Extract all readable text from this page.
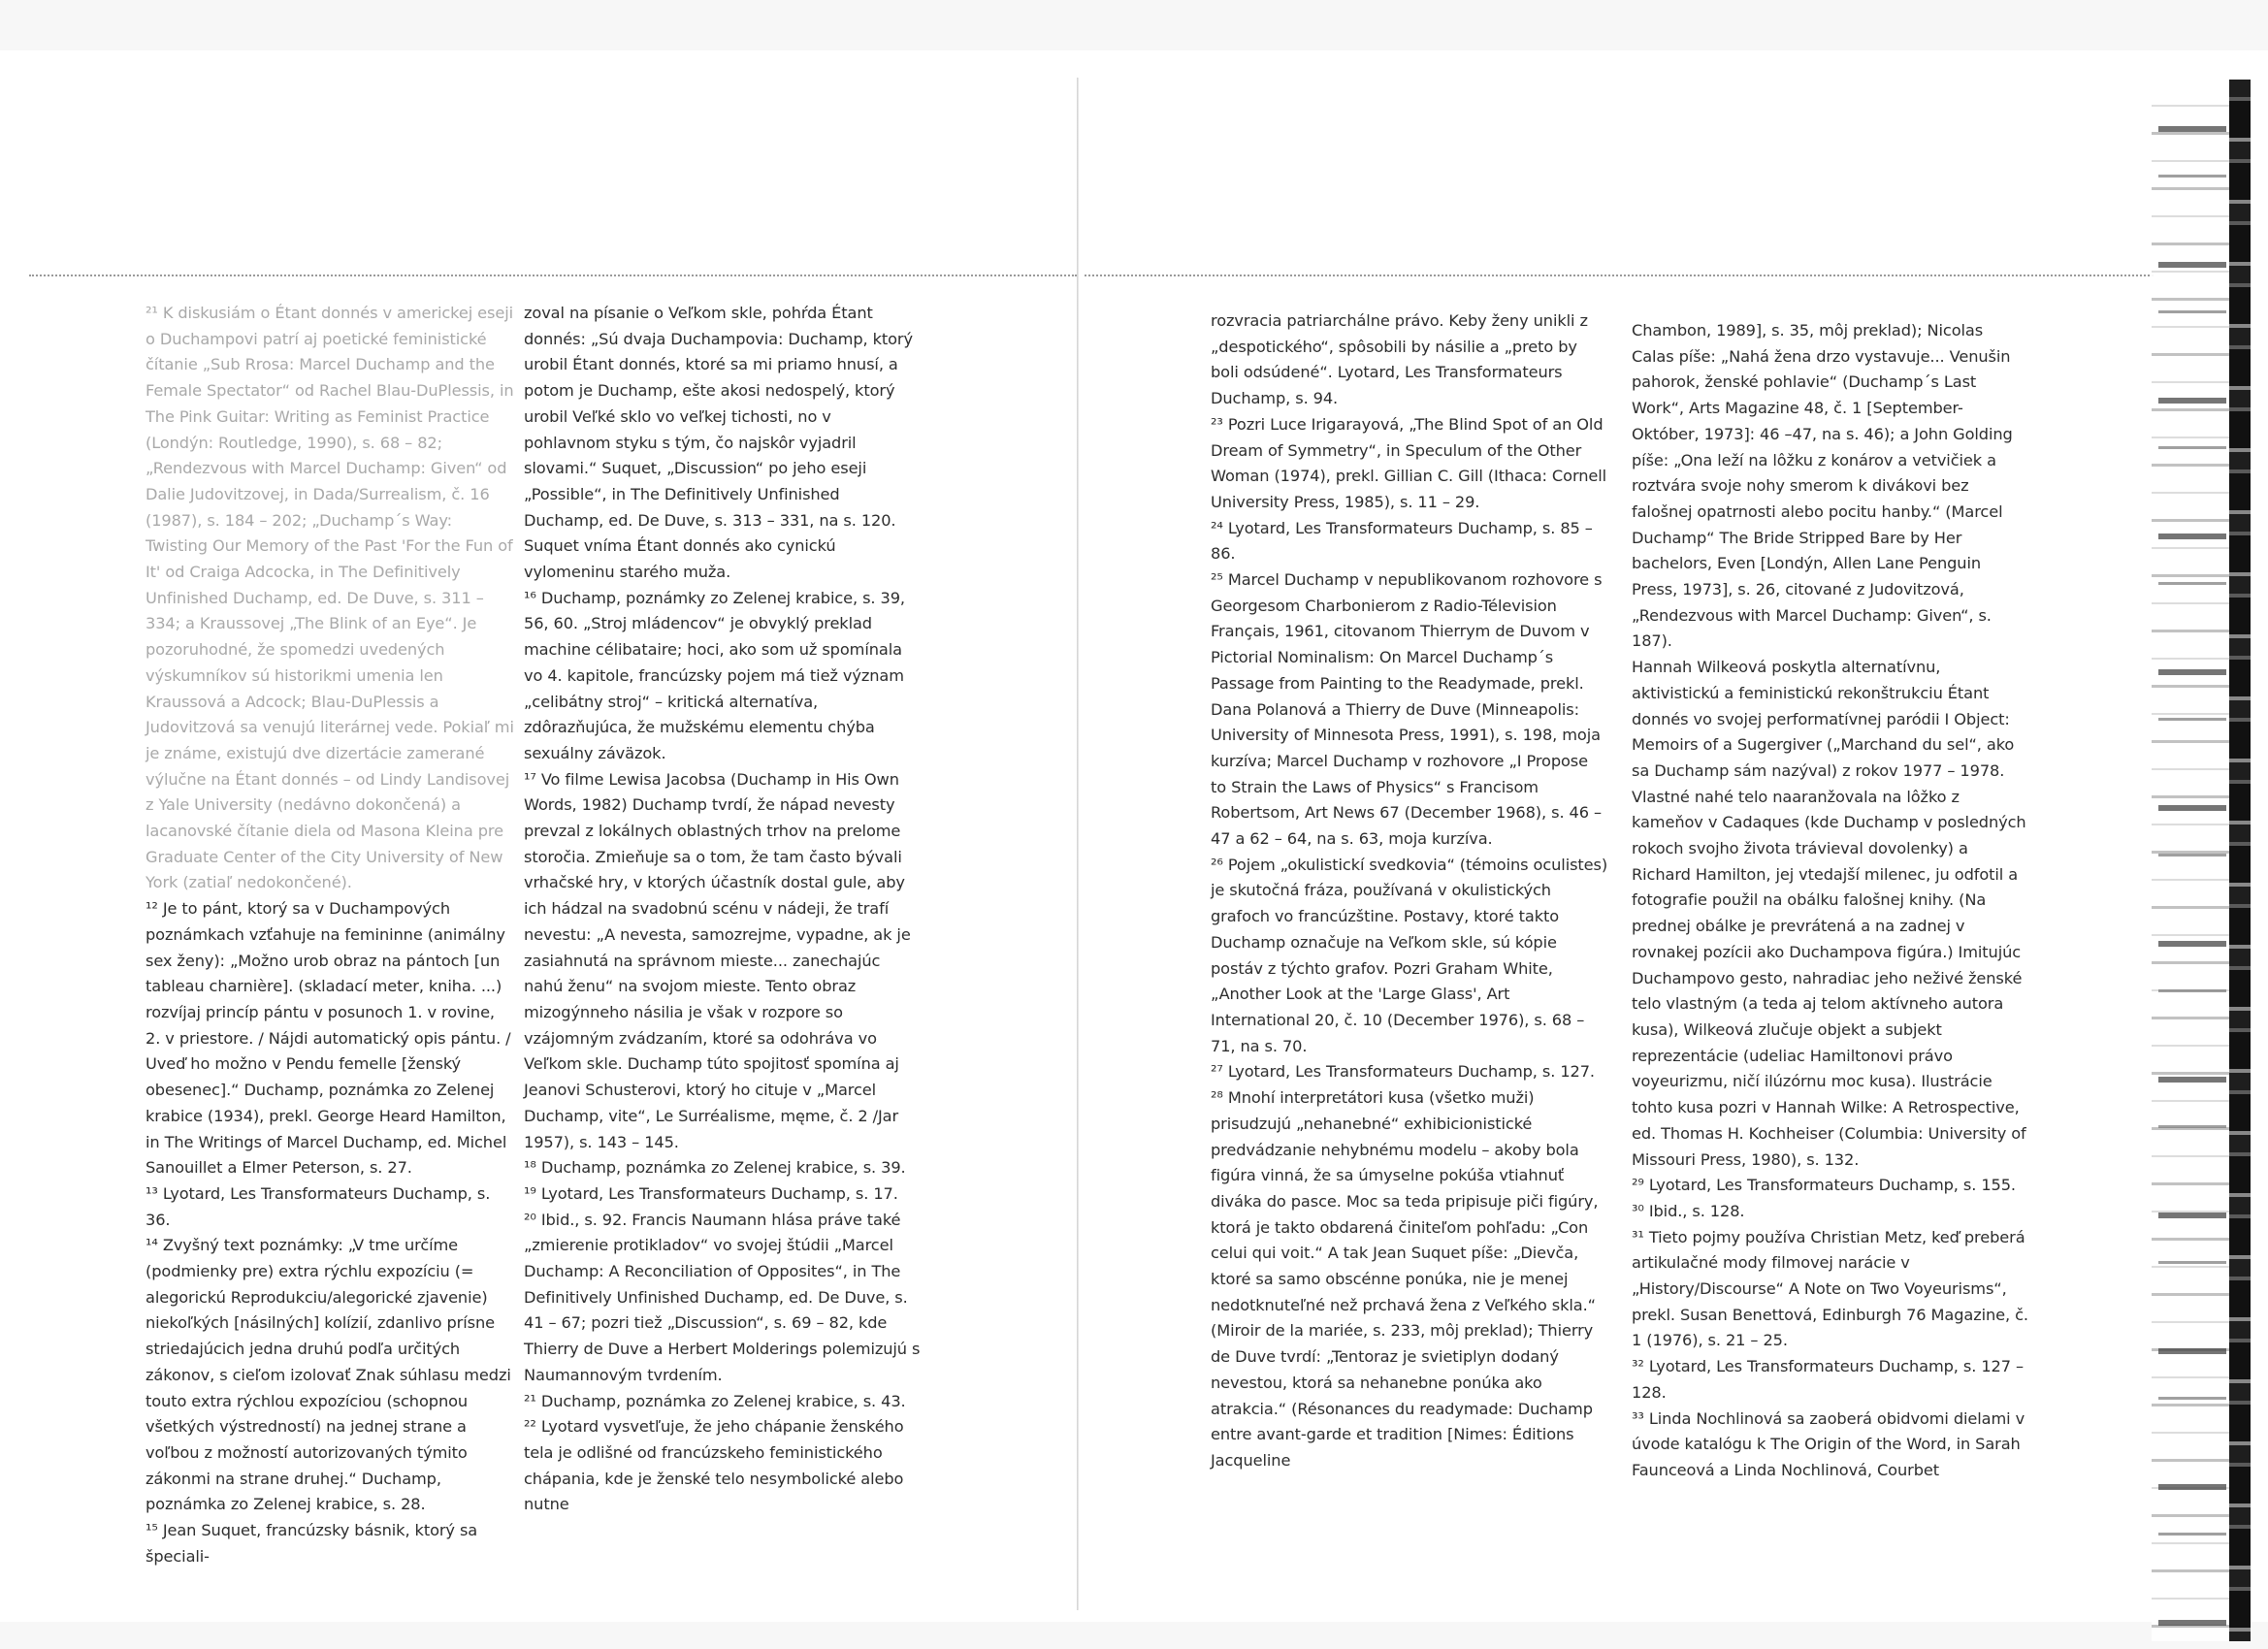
²¹ K diskusiám o Étant donnés v americkej eseji o Duchampovi patrí aj poetické feministické čítanie „Sub Rrosa: Marcel Duchamp and the Female Spectator“ od Rachel Blau-DuPlessis, in The Pink Guitar: Writing as Feminist Practice (Londýn: Routledge, 1990), s. 68 – 82; „Rendezvous with Marcel Duchamp: Given“ od Dalie Judovitzovej, in Dada/Surrealism, č. 16 (1987), s. 184 – 202; „Duchamp´s Way: Twisting Our Memory of the Past 'For the Fun of It' od Craiga Adcocka, in The Definitively Unfinished Duchamp, ed. De Duve, s. 311 – 334; a Kraussovej „The Blink of an Eye“. Je pozoruhodné, že spomedzi uvedených výskumníkov sú historikmi umenia len Kraussová a Adcock; Blau-DuPlessis a Judovitzová sa venujú literárnej vede. Pokiaľ mi je známe, existujú dve dizertácie zamerané výlučne na Étant donnés – od Lindy Landisovej z Yale University (nedávno dokončená) a lacanovské čítanie diela od Masona Kleina pre Graduate Center of the City University of New York (zatiaľ nedokončené).

¹² Je to pánt, ktorý sa v Duchampových poznámkach vzťahuje na femininne (animálny sex ženy): „Možno urob obraz na pántoch [un tableau charnière]. (skladací meter, kniha. ...) rozvíjaj princíp pántu v posunoch 1. v rovine, 2. v priestore. / Nájdi automatický opis pántu. / Uveď ho možno v Pendu femelle [ženský obesenec].“ Duchamp, poznámka zo Zelenej krabice (1934), prekl. George Heard Hamilton, in The Writings of Marcel Duchamp, ed. Michel Sanouillet a Elmer Peterson, s. 27.

¹³ Lyotard, Les Transformateurs Duchamp, s. 36.

¹⁴ Zvyšný text poznámky: „V tme určíme (podmienky pre) extra rýchlu expozíciu (= alegorickú Reprodukciu/alegorické zjavenie) niekoľkých [násilných] kolízií, zdanlivo prísne striedajúcich jedna druhú podľa určitých zákonov, s cieľom izolovať Znak súhlasu medzi touto extra rýchlou expozíciou (schopnou všetkých výstredností) na jednej strane a voľbou z možností autorizovaných týmito zákonmi na strane druhej.“ Duchamp, poznámka zo Zelenej krabice, s. 28.

¹⁵ Jean Suquet, francúzsky básnik, ktorý sa špeciali-

zoval na písanie o Veľkom skle, pohŕda Étant donnés: „Sú dvaja Duchampovia: Duchamp, ktorý urobil Étant donnés, ktoré sa mi priamo hnusí, a potom je Duchamp, ešte akosi nedospelý, ktorý urobil Veľké sklo vo veľkej tichosti, no v pohlavnom styku s tým, čo najskôr vyjadril slovami.“ Suquet, „Discussion“ po jeho eseji „Possible“, in The Definitively Unfinished Duchamp, ed. De Duve, s. 313 – 331, na s. 120. Suquet vníma Étant donnés ako cynickú vylomeninu starého muža.

¹⁶ Duchamp, poznámky zo Zelenej krabice, s. 39, 56, 60. „Stroj mládencov“ je obvyklý preklad machine célibataire; hoci, ako som už spomínala vo 4. kapitole, francúzsky pojem má tiež význam „celibátny stroj“ – kritická alternatíva, zdôrazňujúca, že mužskému elementu chýba sexuálny záväzok.

¹⁷ Vo filme Lewisa Jacobsa (Duchamp in His Own Words, 1982) Duchamp tvrdí, že nápad nevesty prevzal z lokálnych oblastných trhov na prelome storočia. Zmieňuje sa o tom, že tam často bývali vrhačské hry, v ktorých účastník dostal gule, aby ich hádzal na svadobnú scénu v nádeji, že trafí nevestu: „A nevesta, samozrejme, vypadne, ak je zasiahnutá na správnom mieste... zanechajúc nahú ženu“ na svojom mieste. Tento obraz mizogýnneho násilia je však v rozpore so vzájomným zvádzaním, ktoré sa odohráva vo Veľkom skle. Duchamp túto spojitosť spomína aj Jeanovi Schusterovi, ktorý ho cituje v „Marcel Duchamp, vite“, Le Surréalisme, męme, č. 2 /Jar 1957), s. 143 – 145.

¹⁸ Duchamp, poznámka zo Zelenej krabice, s. 39.

¹⁹ Lyotard, Les Transformateurs Duchamp, s. 17.

²⁰ Ibid., s. 92. Francis Naumann hlása práve také „zmierenie protikladov“ vo svojej štúdii „Marcel Duchamp: A Reconciliation of Opposites“, in The Definitively Unfinished Duchamp, ed. De Duve, s. 41 – 67; pozri tiež „Discussion“, s. 69 – 82, kde Thierry de Duve a Herbert Molderings polemizujú s Naumannovým tvrdením.

²¹ Duchamp, poznámka zo Zelenej krabice, s. 43.

²² Lyotard vysvetľuje, že jeho chápanie ženského tela je odlišné od francúzskeho feministického chápania, kde je ženské telo nesymbolické alebo nutne

rozvracia patriarchálne právo. Keby ženy unikli z „despotického“, spôsobili by násilie a „preto by boli odsúdené“. Lyotard, Les Transformateurs Duchamp, s. 94.

²³ Pozri Luce Irigarayová, „The Blind Spot of an Old Dream of Symmetry“, in Speculum of the Other Woman (1974), prekl. Gillian C. Gill (Ithaca: Cornell University Press, 1985), s. 11 – 29.

²⁴ Lyotard, Les Transformateurs Duchamp, s. 85 – 86.

²⁵ Marcel Duchamp v nepublikovanom rozhovore s Georgesom Charbonierom z Radio-Télevision Français, 1961, citovanom Thierrym de Duvom v Pictorial Nominalism: On Marcel Duchamp´s Passage from Painting to the Readymade, prekl. Dana Polanová a Thierry de Duve (Minneapolis: University of Minnesota Press, 1991), s. 198, moja kurzíva; Marcel Duchamp v rozhovore „I Propose to Strain the Laws of Physics“ s Francisom Robertsom, Art News 67 (December 1968), s. 46 – 47 a 62 – 64, na s. 63, moja kurzíva.

²⁶ Pojem „okulistickí svedkovia“ (témoins oculistes) je skutočná fráza, používaná v okulistických grafoch vo francúzštine. Postavy, ktoré takto Duchamp označuje na Veľkom skle, sú kópie postáv z týchto grafov. Pozri Graham White, „Another Look at the 'Large Glass', Art International 20, č. 10 (December 1976), s. 68 – 71, na s. 70.

²⁷ Lyotard, Les Transformateurs Duchamp, s. 127.

²⁸ Mnohí interpretátori kusa (všetko muži) prisudzujú „nehanebné“ exhibicionistické predvádzanie nehybnému modelu – akoby bola figúra vinná, že sa úmyselne pokúša vtiahnuť diváka do pasce. Moc sa teda pripisuje piči figúry, ktorá je takto obdarená činiteľom pohľadu: „Con celui qui voit.“ A tak Jean Suquet píše: „Dievča, ktoré sa samo obscénne ponúka, nie je menej nedotknuteľné než prchavá žena z Veľkého skla.“ (Miroir de la mariée, s. 233, môj preklad); Thierry de Duve tvrdí: „Tentoraz je svietiplyn dodaný nevestou, ktorá sa nehanebne ponúka ako atrakcia.“ (Résonances du readymade: Duchamp entre avant-garde et tradition [Nimes: Éditions Jacqueline

Chambon, 1989], s. 35, môj preklad); Nicolas Calas píše: „Nahá žena drzo vystavuje... Venušin pahorok, ženské pohlavie“ (Duchamp´s Last Work“, Arts Magazine 48, č. 1 [September-Október, 1973]: 46 –47, na s. 46); a John Golding píše: „Ona leží na lôžku z konárov a vetvičiek a roztvára svoje nohy smerom k divákovi bez falošnej opatrnosti alebo pocitu hanby.“ (Marcel Duchamp“ The Bride Stripped Bare by Her bachelors, Even [Londýn, Allen Lane Penguin Press, 1973], s. 26, citované z Judovitzová, „Rendezvous with Marcel Duchamp: Given“, s. 187).

Hannah Wilkeová poskytla alternatívnu, aktivistickú a feministickú rekonštrukciu Étant donnés vo svojej performatívnej paródii I Object: Memoirs of a Sugergiver („Marchand du sel“, ako sa Duchamp sám nazýval) z rokov 1977 – 1978. Vlastné nahé telo naaranžovala na lôžko z kameňov v Cadaques (kde Duchamp v posledných rokoch svojho života trávieval dovolenky) a Richard Hamilton, jej vtedajší milenec, ju odfotil a fotografie použil na obálku falošnej knihy. (Na prednej obálke je prevrátená a na zadnej v rovnakej pozícii ako Duchampova figúra.) Imitujúc Duchampovo gesto, nahradiac jeho neživé ženské telo vlastným (a teda aj telom aktívneho autora kusa), Wilkeová zlučuje objekt a subjekt reprezentácie (udeliac Hamiltonovi právo voyeurizmu, ničí ilúzórnu moc kusa). Ilustrácie tohto kusa pozri v Hannah Wilke: A Retrospective, ed. Thomas H. Kochheiser (Columbia: University of Missouri Press, 1980), s. 132.

²⁹ Lyotard, Les Transformateurs Duchamp, s. 155.

³⁰ Ibid., s. 128.

³¹ Tieto pojmy používa Christian Metz, keď preberá artikulačné mody filmovej narácie v „History/Discourse“ A Note on Two Voyeurisms“, prekl. Susan Benettová, Edinburgh 76 Magazine, č. 1 (1976), s. 21 – 25.

³² Lyotard, Les Transformateurs Duchamp, s. 127 – 128.

³³ Linda Nochlinová sa zaoberá obidvomi dielami v úvode katalógu k The Origin of the Word, in Sarah Faunceová a Linda Nochlinová, Courbet
